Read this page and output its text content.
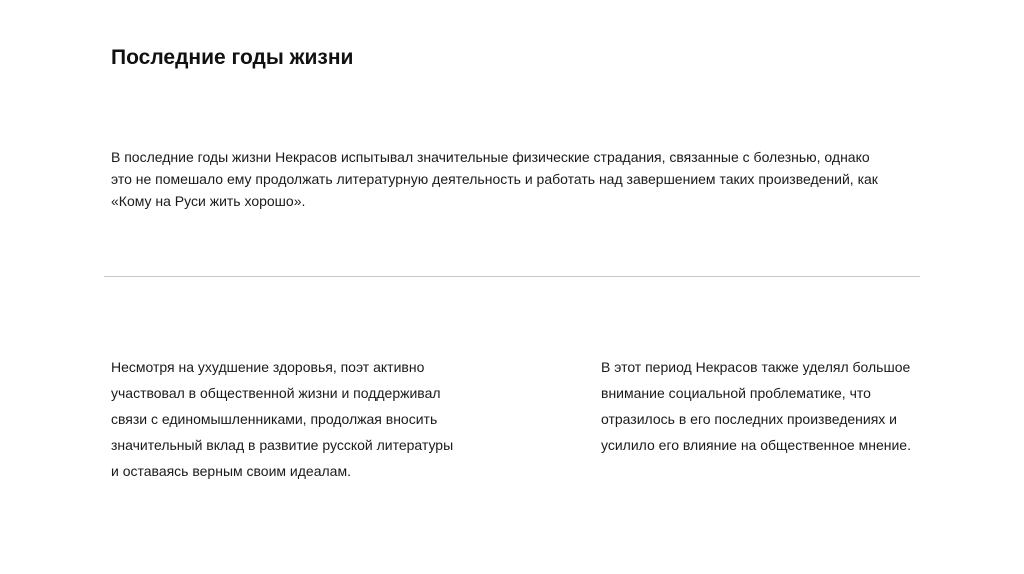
Последние годы жизни
В последние годы жизни Некрасов испытывал значительные физические страдания, связанные с болезнью, однако
это не помешало ему продолжать литературную деятельность и работать над завершением таких произведений, как
«Кому на Руси жить хорошо».
Несмотря на ухудшение здоровья, поэт активно
участвовал в общественной жизни и поддерживал
связи с единомышленниками, продолжая вносить
значительный вклад в развитие русской литературы
и оставаясь верным своим идеалам.
В этот период Некрасов также уделял большое
внимание социальной проблематике, что
отразилось в его последних произведениях и
усилило его влияние на общественное мнение.
